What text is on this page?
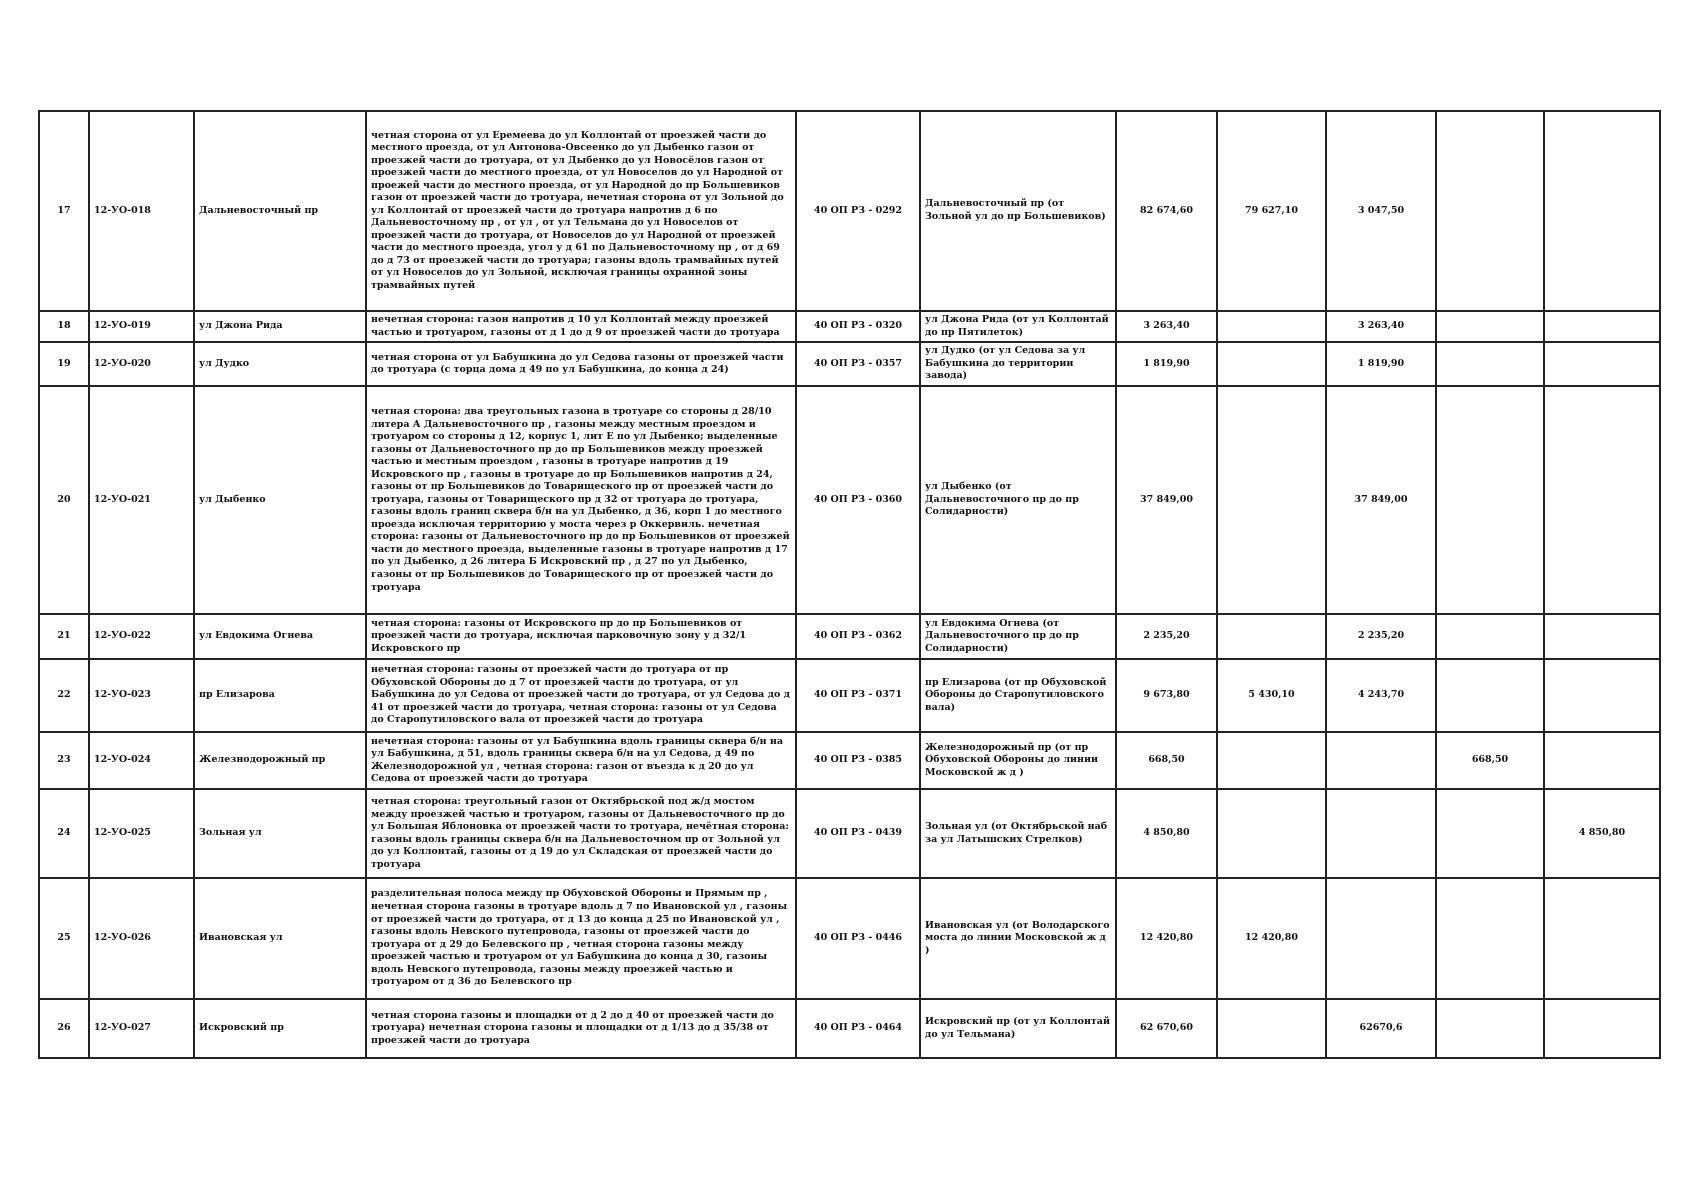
17	12-УО-018	Дальневосточный пр	четная сторона от ул Еремеева до ул Коллонтай от проезжей части до местного проезда, от ул Антонова-Овсеенко до ул Дыбенко газон от проезжей части до тротуара, от ул Дыбенко до ул Новосёлов газон от проезжей части до местного проезда, от ул Новоселов до ул Народной от проежей части до местного проезда, от ул Народной до пр Большевиков газон от проезжей части до тротуара, нечетная сторона от ул Зольной до ул Коллонтай от проезжей части до тротуара напротив д 6 по Дальневосточному пр , от ул , от ул Тельмана до ул Новоселов от проезжей части до тротуара, от Новоселов до ул Народной от проезжей части до местного проезда, угол у д 61 по Дальневосточному пр , от д 69 до д 73 от проезжей части до тротуара; газоны вдоль трамвайных путей от ул Новоселов до ул Зольной, исключая границы охранной зоны трамвайных путей	40 ОП РЗ - 0292	Дальневосточный пр (от Зольной ул до пр Большевиков)	82 674,60	79 627,10	3 047,50		
18	12-УО-019	ул Джона Рида	нечетная сторона: газон напротив д 10 ул Коллонтай между проезжей частью и тротуаром, газоны от д 1 до д 9 от проезжей части до тротуара	40 ОП РЗ - 0320	ул Джона Рида (от ул Коллонтай до пр Пятилеток)	3 263,40		3 263,40		
19	12-УО-020	ул Дудко	четная сторона от ул Бабушкина до ул Седова газоны от проезжей части до тротуара (с торца дома д 49 по ул Бабушкина, до конца д 24)	40 ОП РЗ - 0357	ул Дудко (от ул Седова за ул Бабушкина до территории завода)	1 819,90		1 819,90		
20	12-УО-021	ул Дыбенко	четная сторона: два треугольных газона в тротуаре со стороны д 28/10 литера А Дальневосточного пр , газоны между местным проездом и тротуаром со стороны д 12, корпус 1, лит Е по ул Дыбенко; выделенные газоны от Дальневосточного пр до пр Большевиков между проезжей частью и местным проездом , газоны в тротуаре напротив д 19 Искровского пр , газоны в тротуаре до пр Большевиков напротив д 24, газоны от пр Большевиков до Товарищеского пр от проезжей части до тротуара, газоны от Товарищеского пр д 32 от тротуара до тротуара, газоны вдоль границ сквера б/н на ул Дыбенко, д 36, корп 1 до местного проезда исключая территорию у моста через р Оккервиль. нечетная сторона: газоны от Дальневосточного пр до пр Большевиков от проезжей части до местного проезда, выделенные газоны в тротуаре напротив д 17 по ул Дыбенко, д 26 литера Б Искровский пр , д 27 по ул Дыбенко, газоны от пр Большевиков до Товарищеского пр от проезжей части до тротуара	40 ОП РЗ - 0360	ул Дыбенко (от Дальневосточного пр до пр Солидарности)	37 849,00		37 849,00		
21	12-УО-022	ул Евдокима Огнева	четная сторона: газоны от Искровского пр до пр Большевиков от проезжей части до тротуара, исключая парковочную зону у д 32/1 Искровского пр	40 ОП РЗ - 0362	ул Евдокима Огнева (от Дальневосточного пр до пр Солидарности)	2 235,20		2 235,20		
22	12-УО-023	пр Елизарова	нечетная сторона: газоны от проезжей части до тротуара от пр Обуховской Обороны до д 7 от проезжей части до тротуара, от ул Бабушкина до ул Седова от проезжей части до тротуара, от ул Седова до д 41 от проезжей части до тротуара, четная сторона: газоны от ул Седова до Старопутиловского вала от проезжей части до тротуара	40 ОП РЗ - 0371	пр Елизарова (от пр Обуховской Обороны до Старопутиловского вала)	9 673,80	5 430,10	4 243,70		
23	12-УО-024	Железнодорожный пр	нечетная сторона: газоны от ул Бабушкина вдоль границы сквера б/н на ул Бабушкина, д 51, вдоль границы сквера б/н на ул Седова, д 49 по Железнодорожной ул , четная сторона: газон от въезда к д 20 до ул Седова от проезжей части до тротуара	40 ОП РЗ - 0385	Железнодорожный пр (от пр Обуховской Обороны до линии Московской ж д )	668,50			668,50	
24	12-УО-025	Зольная ул	четная сторона: треугольный газон от Октябрьской под ж/д мостом между проезжей частью и тротуаром, газоны от Дальневосточного пр до ул Большая Яблоновка от проезжей части то тротуара, нечётная сторона: газоны вдоль границы сквера б/н на Дальневосточном пр от Зольной ул до ул Коллонтай, газоны от д 19 до ул Складская от проезжей части до тротуара	40 ОП РЗ - 0439	Зольная ул (от Октябрьской наб за ул Латышских Стрелков)	4 850,80				4 850,80
25	12-УО-026	Ивановская ул	разделительная полоса между пр Обуховской Обороны и Прямым пр , нечетная сторона газоны в тротуаре вдоль д 7 по Ивановской ул , газоны от проезжей части до тротуара, от д 13 до конца д 25 по Ивановской ул , газоны вдоль Невского путепровода, газоны от проезжей части до тротуара от д 29 до Белевского пр , четная сторона газоны между проезжей частью и тротуаром от ул Бабушкина до конца д 30, газоны вдоль Невского путепровода, газоны между проезжей частью и тротуаром от д 36 до Белевского пр	40 ОП РЗ - 0446	Ивановская ул (от Володарского моста до линии Московской ж д )	12 420,80	12 420,80			
26	12-УО-027	Искровский пр	четная сторона газоны и площадки от д 2 до д 40 от проезжей части до тротуара) нечетная сторона газоны и площадки от д 1/13 до д 35/38 от проезжей части до тротуара	40 ОП РЗ - 0464	Искровский пр (от ул Коллонтай до ул Тельмана)	62 670,60		62670,6		
